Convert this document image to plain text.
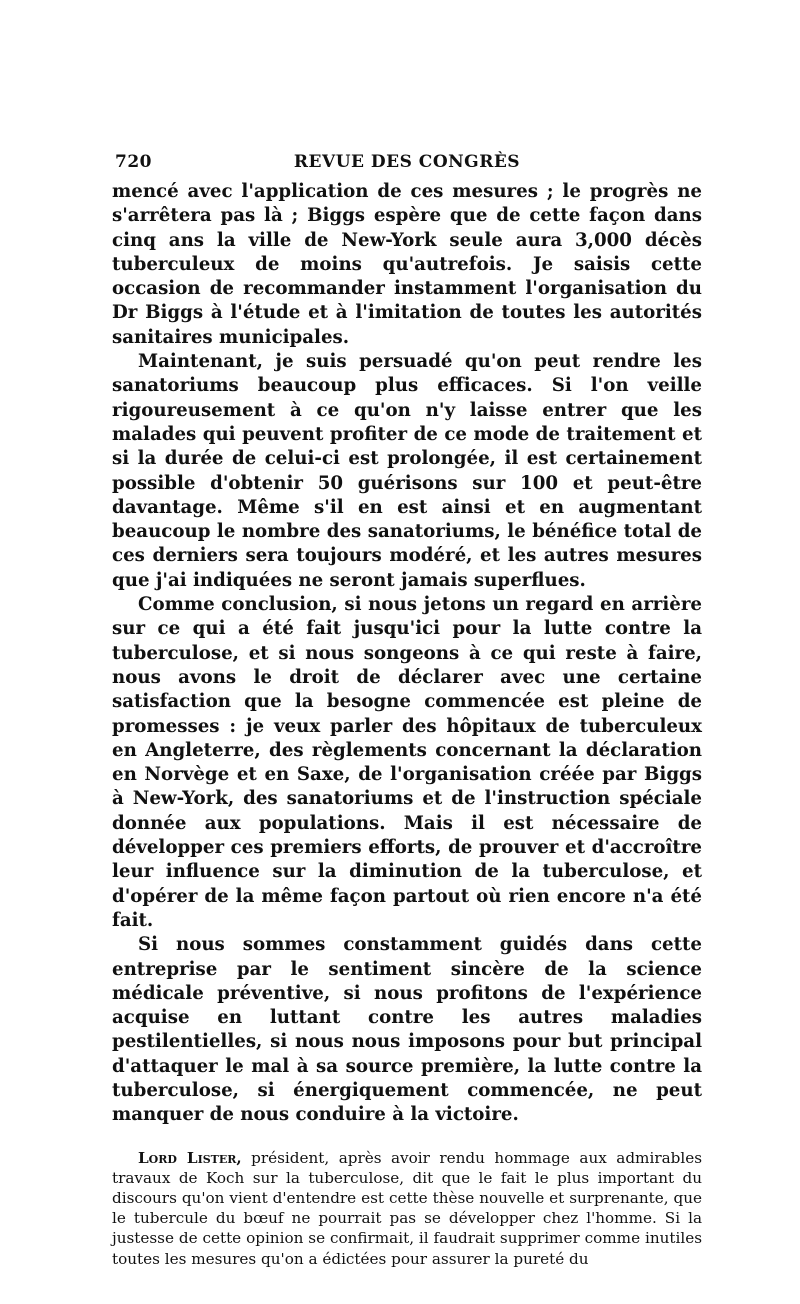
720	REVUE DES CONGRÈS

mencé avec l'application de ces mesures ; le progrès ne s'arrêtera pas là ; Biggs espère que de cette façon dans cinq ans la ville de New-York seule aura 3,000 décès tuberculeux de moins qu'autrefois. Je saisis cette occasion de recommander instamment l'organisation du Dr Biggs à l'étude et à l'imitation de toutes les autorités sanitaires municipales.

Maintenant, je suis persuadé qu'on peut rendre les sanatoriums beaucoup plus efficaces. Si l'on veille rigoureusement à ce qu'on n'y laisse entrer que les malades qui peuvent profiter de ce mode de traitement et si la durée de celui-ci est prolongée, il est certainement possible d'obtenir 50 guérisons sur 100 et peut-être davantage. Même s'il en est ainsi et en augmentant beaucoup le nombre des sanatoriums, le bénéfice total de ces derniers sera toujours modéré, et les autres mesures que j'ai indiquées ne seront jamais superflues.

Comme conclusion, si nous jetons un regard en arrière sur ce qui a été fait jusqu'ici pour la lutte contre la tuberculose, et si nous songeons à ce qui reste à faire, nous avons le droit de déclarer avec une certaine satisfaction que la besogne commencée est pleine de promesses : je veux parler des hôpitaux de tuberculeux en Angleterre, des règlements concernant la déclaration en Norvège et en Saxe, de l'organisation créée par Biggs à New-York, des sanatoriums et de l'instruction spéciale donnée aux populations. Mais il est nécessaire de développer ces premiers efforts, de prouver et d'accroître leur influence sur la diminution de la tuberculose, et d'opérer de la même façon partout où rien encore n'a été fait.

Si nous sommes constamment guidés dans cette entreprise par le sentiment sincère de la science médicale préventive, si nous profitons de l'expérience acquise en luttant contre les autres maladies pestilentielles, si nous nous imposons pour but principal d'attaquer le mal à sa source première, la lutte contre la tuberculose, si énergiquement commencée, ne peut manquer de nous conduire à la victoire.

Lord Lister, président, après avoir rendu hommage aux admirables travaux de Koch sur la tuberculose, dit que le fait le plus important du discours qu'on vient d'entendre est cette thèse nouvelle et surprenante, que le tubercule du bœuf ne pourrait pas se développer chez l'homme. Si la justesse de cette opinion se confirmait, il faudrait supprimer comme inutiles toutes les mesures qu'on a édictées pour assurer la pureté du
